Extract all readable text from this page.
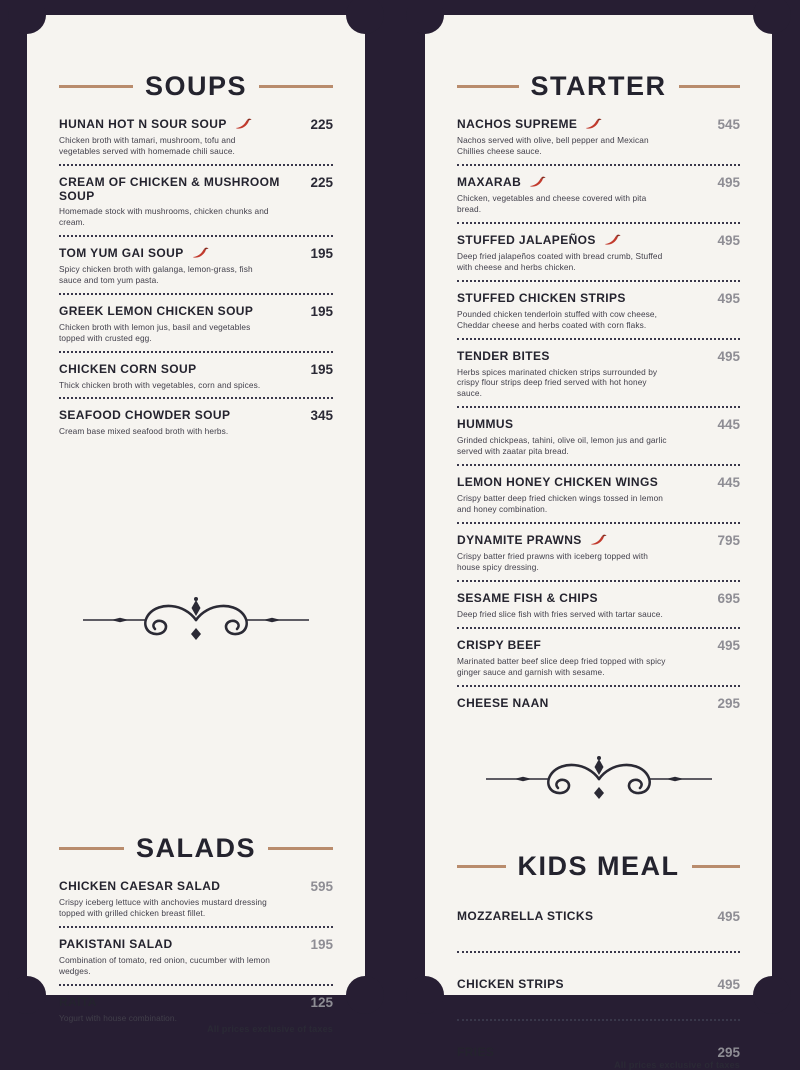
SOUPS
HUNAN HOT N SOUR SOUP	225

Chicken broth with tamari, mushroom, tofu and vegetables served with homemade chili sauce.

CREAM OF CHICKEN & MUSHROOM SOUP
225

Homemade stock with mushrooms, chicken chunks and cream.

TOM YUM GAI SOUP	195

Spicy chicken broth with galanga, lemon-grass, fish sauce and tom yum pasta.

GREEK LEMON CHICKEN SOUP	195

Chicken broth with lemon jus, basil and vegetables topped with crusted egg.

CHICKEN CORN SOUP	195

Thick chicken broth with vegetables, corn and spices.

SEAFOOD CHOWDER SOUP	345

Cream base mixed seafood broth with herbs.

SALADS
CHICKEN CAESAR SALAD	595

Crispy iceberg lettuce with anchovies mustard dressing topped with grilled chicken breast fillet.

PAKISTANI SALAD	195

Combination of tomato, red onion, cucumber with lemon wedges.

RAITA	125

Yogurt with house combination.

All prices exclusive of taxes
STARTER
NACHOS SUPREME	545

Nachos served with olive, bell pepper and Mexican Chillies cheese sauce.

MAXARAB	495

Chicken, vegetables and cheese covered with pita bread.

STUFFED JALAPEÑOS	495

Deep fried jalapeños coated with bread crumb, Stuffed with cheese and herbs chicken.

STUFFED CHICKEN STRIPS	495

Pounded chicken tenderloin stuffed with cow cheese, Cheddar cheese and herbs coated with corn flaks.

TENDER BITES	495

Herbs spices marinated chicken strips surrounded by crispy flour strips deep fried served with hot honey sauce.

HUMMUS	445

Grinded chickpeas, tahini, olive oil, lemon jus and garlic served with zaatar pita bread.

LEMON HONEY CHICKEN WINGS	445

Crispy batter deep fried chicken wings tossed in lemon and honey combination.

DYNAMITE PRAWNS	795

Crispy batter fried prawns with iceberg topped with house spicy dressing.

SESAME FISH & CHIPS	695

Deep fried slice fish with fries served with tartar sauce.

CRISPY BEEF	495

Marinated batter beef slice deep fried topped with spicy ginger sauce and garnish with sesame.

CHEESE NAAN	295
KIDS MEAL
MOZZARELLA STICKS	495
CHICKEN STRIPS	495
FRIES	295
All prices exclusive of taxes
